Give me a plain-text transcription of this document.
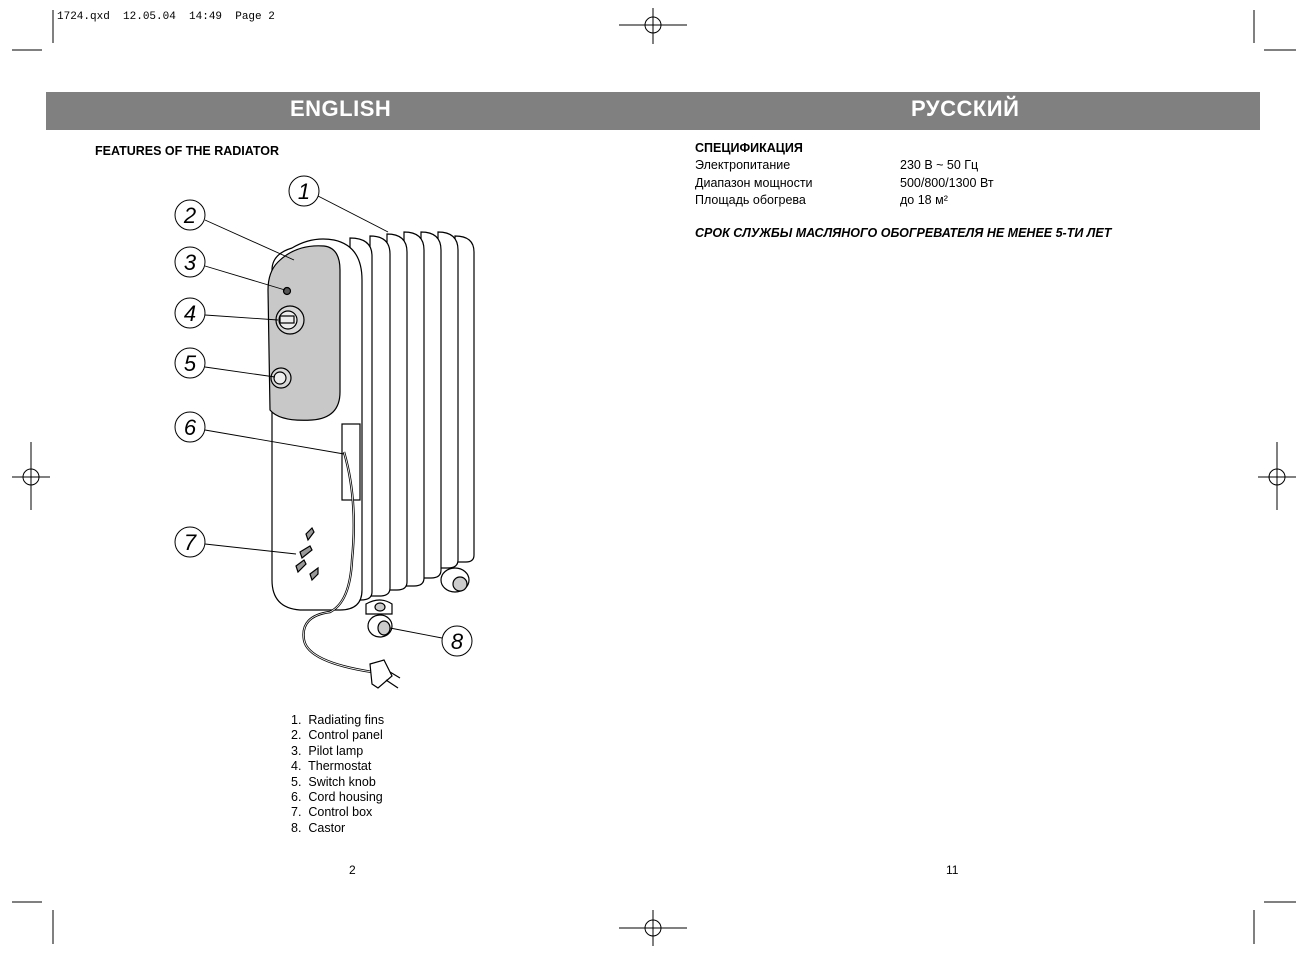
1
2
3
4
5
6
7
8
1724.qxd  12.05.04  14:49  Page 2
ENGLISH	РУССКИЙ
FEATURES OF THE RADIATOR
1.  Radiating fins
2.  Control panel
3.  Pilot lamp
4.  Thermostat
5.  Switch knob
6.  Cord housing
7.  Control box
8.  Castor
2
СПЕЦИФИКАЦИЯ
Электропитание	230 В ~ 50 Гц
Диапазон мощности	500/800/1300 Вт
Площадь обогрева	до 18 м²
СРОК СЛУЖБЫ МАСЛЯНОГО ОБОГРЕВАТЕЛЯ НЕ МЕНЕЕ 5-ТИ ЛЕТ
11
